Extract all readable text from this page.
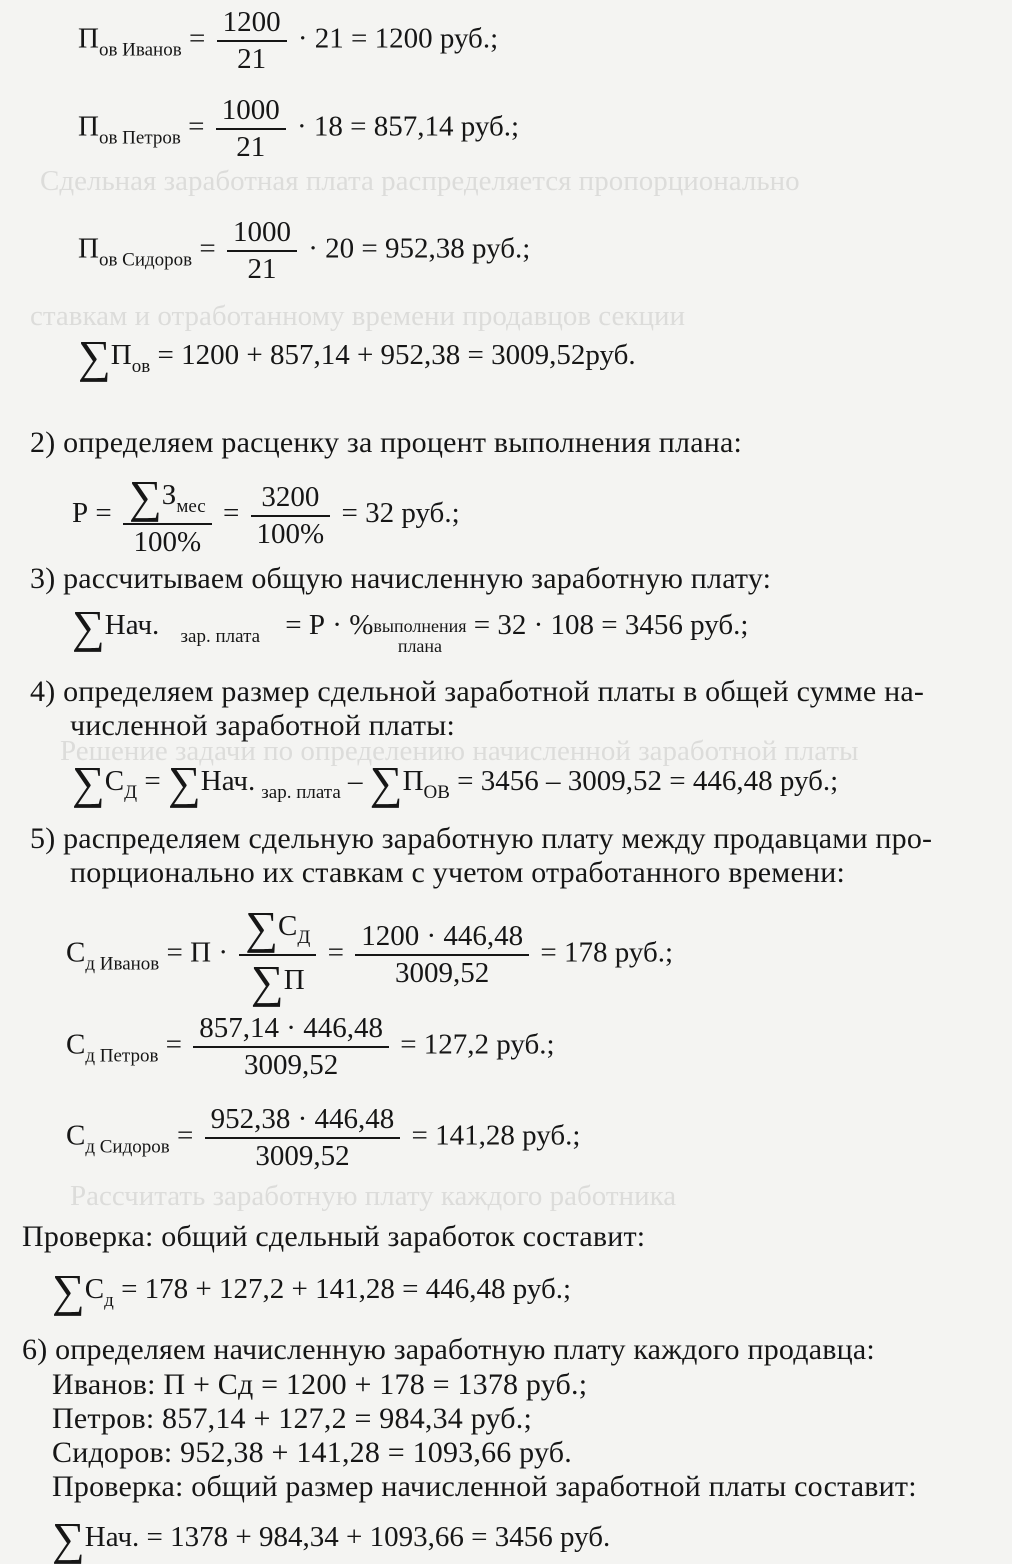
Сдельная заработная плата распределяется пропорционально
ставкам и отработанному времени продавцов секции
Решение задачи по определению начисленной заработной платы
Рассчитать заработную плату каждого работника
$П_{ов Иванов} = \frac{1200}{21} \cdot 21 = 1200$ руб.;
$П_{ов Петров} = \frac{1000}{21} \cdot 18 = 857,14$ руб.;
$П_{ов Сидоров} = \frac{1000}{21} \cdot 20 = 952,38$ руб.;
$\sum П_{ов} = 1200 + 857,14 + 952,38 = 3009,52руб$.
2) определяем расценку за процент выполнения плана:
$Р = \frac{\sum З_{мес}}{100\%} = \frac{3200}{100\%} = 32$ руб.;
3) рассчитываем общую начисленную заработную плату:
∑Нач. $_{зар. плата}$ = Р · % выполнения
плана
= 32 · 108 = 3456 руб.;
4) определяем размер сдельной заработной платы в общей сумме на-
численной заработной платы:
$\sum С_Д = \sum Нач$. $_{зар. плата} - \sum П_{ОВ} = 3456 - 3009,52 = 446,48$ руб.;
5) распределяем сдельную заработную плату между продавцами про-
порционально их ставкам с учетом отработанного времени:
$С_{д Иванов} = П \cdot \frac{\sum С_Д}{\sum П} = \frac{1200 \cdot 446,48}{3009,52} = 178$ руб.;
$С_{д Петров} = \frac{857,14 \cdot 446,48}{3009,52} = 127,2$ руб.;
$С_{д Сидоров} = \frac{952,38 \cdot 446,48}{3009,52} = 141,28$ руб.;
Проверка: общий сдельный заработок составит:
$\sum С_д = 178 + 127,2 + 141,28 = 446,48$ руб.;
6) определяем начисленную заработную плату каждого продавца:
Иванов: П + Сд = 1200 + 178 = 1378 руб.;
Петров: 857,14 + 127,2 = 984,34 руб.;
Сидоров: 952,38 + 141,28 = 1093,66 руб.
Проверка: общий размер начисленной заработной платы составит:
∑Нач. = 1378 + 984,34 + 1093,66 = 3456 руб.
